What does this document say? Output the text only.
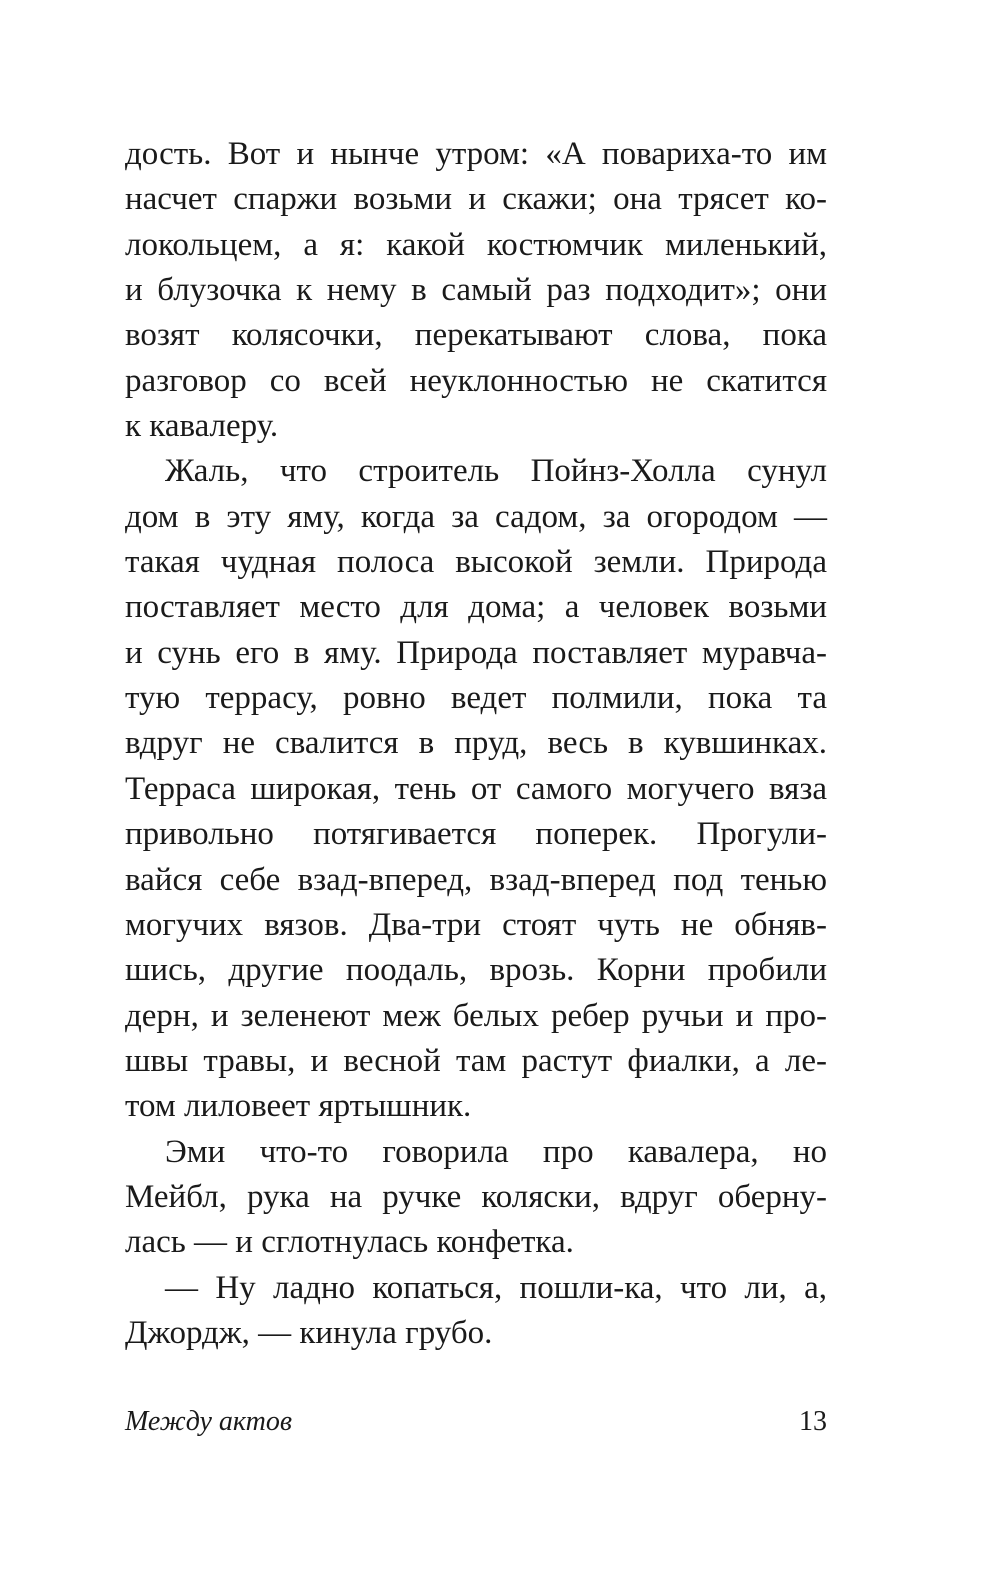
дость. Вот и нынче утром: «А повариха-то им
насчет спаржи возьми и скажи; она трясет ко-
локольцем, а я: какой костюмчик миленький,
и блузочка к нему в самый раз подходит»; они
возят колясочки, перекатывают слова, пока
разговор со всей неуклонностью не скатится
к кавалеру.
Жаль, что строитель Пойнз-Холла сунул
дом в эту яму, когда за садом, за огородом —
такая чудная полоса высокой земли. Природа
поставляет место для дома; а человек возьми
и сунь его в яму. Природа поставляет муравча-
тую террасу, ровно ведет полмили, пока та
вдруг не свалится в пруд, весь в кувшинках.
Терраса широкая, тень от самого могучего вяза
привольно потягивается поперек. Прогули-
вайся себе взад-вперед, взад-вперед под тенью
могучих вязов. Два-три стоят чуть не обняв-
шись, другие поодаль, врозь. Корни пробили
дерн, и зеленеют меж белых ребер ручьи и про-
швы травы, и весной там растут фиалки, а ле-
том лиловеет яртышник.
Эми что-то говорила про кавалера, но
Мейбл, рука на ручке коляски, вдруг оберну-
лась — и сглотнулась конфетка.
— Ну ладно копаться, пошли-ка, что ли, а,
Джордж, — кинула грубо.
Между актов	13
